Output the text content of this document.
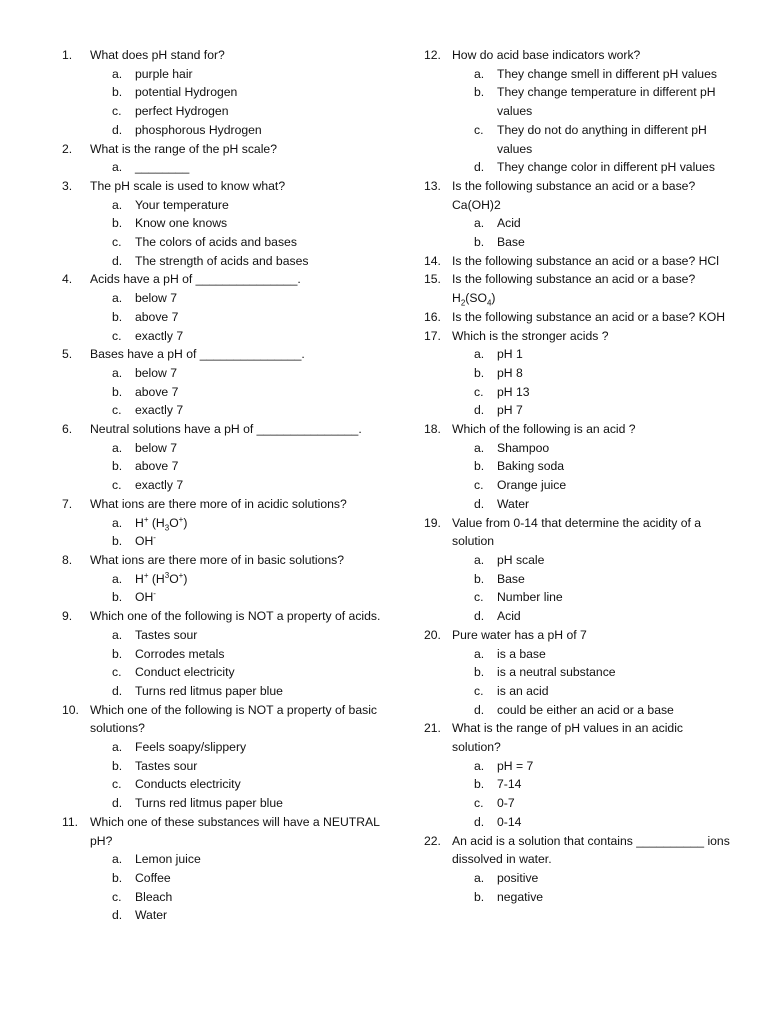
1.	What does pH stand for?
a.	purple hair
b.	potential Hydrogen
c.	perfect Hydrogen
d.	phosphorous Hydrogen
2.	What is the range of the pH scale?
a.	________
3.	The pH scale is used to know what?
a.	Your temperature
b.	Know one knows
c.	The colors of acids and bases
d.	The strength of acids and bases
4.	Acids have a pH of _______________.
a.	below 7
b.	above 7
c.	exactly 7
5.	Bases have a pH of _______________.
a.	below 7
b.	above 7
c.	exactly 7
6.	Neutral solutions have a pH of _______________.
a.	below 7
b.	above 7
c.	exactly 7
7.	What ions are there more of in acidic solutions?
a.	H+ $(H_3O^+)$
b.	OH-
8.	What ions are there more of in basic solutions?
a.	H+ $(H^3O^+)$
b.	OH-
9.	Which one of the following is NOT a property of acids.
a.	Tastes sour
b.	Corrodes metals
c.	Conduct electricity
d.	Turns red litmus paper blue
10. Which one of the following is NOT a property of basic solutions?
a.	Feels soapy/slippery
b.	Tastes sour
c.	Conducts electricity
d.	Turns red litmus paper blue
11. Which one of these substances will have a NEUTRAL pH?
a.	Lemon juice
b.	Coffee
c.	Bleach
d.	Water
12. How do acid base indicators work?
a.	They change smell in different pH values
b.	They change temperature in different pH values
c.	They do not do anything in different pH values
d.	They change color in different pH values
13. Is the following substance an acid or a base? Ca(OH)2
a.	Acid
b.	Base
14. Is the following substance an acid or a base? HCl
15. Is the following substance an acid or a base? $H_2(SO_4)$
16. Is the following substance an acid or a base? KOH
17. Which is the stronger acids ?
a.	pH 1
b.	pH 8
c.	pH 13
d.	pH 7
18. Which of the following is an acid ?
a.	Shampoo
b.	Baking soda
c.	Orange juice
d.	Water
19. Value from 0-14 that determine the acidity of a solution
a.	pH scale
b.	Base
c.	Number line
d.	Acid
20. Pure water has a pH of 7
a.	is a base
b.	is a neutral substance
c.	is an acid
d.	could be either an acid or a base
21. What is the range of pH values in an acidic solution?
a.	pH = 7
b.	7-14
c.	0-7
d.	0-14
22. An acid is a solution that contains __________ ions dissolved in water.
a.	positive
b.	negative
